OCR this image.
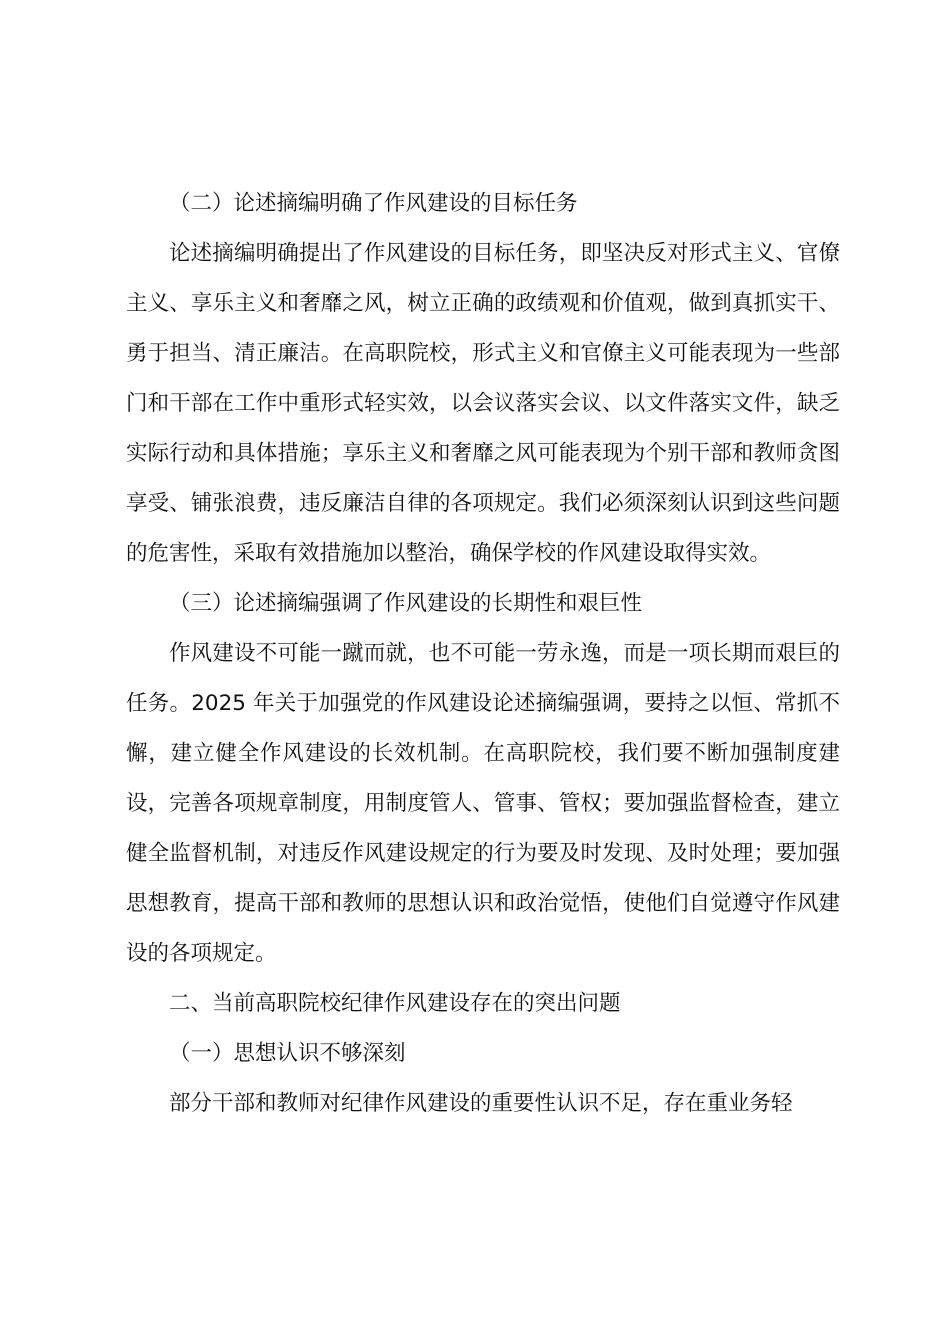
（二）论述摘编明确了作风建设的目标任务

论述摘编明确提出了作风建设的目标任务，即坚决反对形式主义、官僚主义、享乐主义和奢靡之风，树立正确的政绩观和价值观，做到真抓实干、勇于担当、清正廉洁。在高职院校，形式主义和官僚主义可能表现为一些部门和干部在工作中重形式轻实效，以会议落实会议、以文件落实文件，缺乏实际行动和具体措施；享乐主义和奢靡之风可能表现为个别干部和教师贪图享受、铺张浪费，违反廉洁自律的各项规定。我们必须深刻认识到这些问题的危害性，采取有效措施加以整治，确保学校的作风建设取得实效。

（三）论述摘编强调了作风建设的长期性和艰巨性

作风建设不可能一蹴而就，也不可能一劳永逸，而是一项长期而艰巨的任务。2025 年关于加强党的作风建设论述摘编强调，要持之以恒、常抓不懈，建立健全作风建设的长效机制。在高职院校，我们要不断加强制度建设，完善各项规章制度，用制度管人、管事、管权；要加强监督检查，建立健全监督机制，对违反作风建设规定的行为要及时发现、及时处理；要加强思想教育，提高干部和教师的思想认识和政治觉悟，使他们自觉遵守作风建设的各项规定。

二、当前高职院校纪律作风建设存在的突出问题

（一）思想认识不够深刻

部分干部和教师对纪律作风建设的重要性认识不足，存在重业务轻
